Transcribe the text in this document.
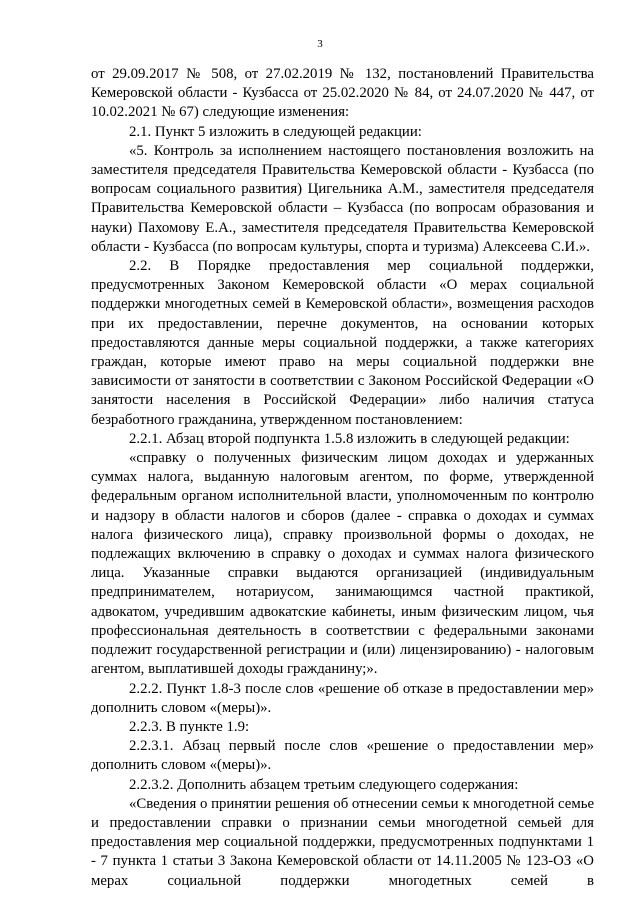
3

от 29.09.2017 № 508, от 27.02.2019 № 132, постановлений Правительства Кемеровской области - Кузбасса от 25.02.2020 № 84, от 24.07.2020 № 447, от 10.02.2021 № 67) следующие изменения:

2.1. Пункт 5 изложить в следующей редакции:

«5. Контроль за исполнением настоящего постановления возложить на заместителя председателя Правительства Кемеровской области - Кузбасса (по вопросам социального развития) Цигельника А.М., заместителя председателя Правительства Кемеровской области – Кузбасса (по вопросам образования и науки) Пахомову Е.А., заместителя председателя Правительства Кемеровской области - Кузбасса (по вопросам культуры, спорта и туризма) Алексеева С.И.».

2.2. В Порядке предоставления мер социальной поддержки, предусмотренных Законом Кемеровской области «О мерах социальной поддержки многодетных семей в Кемеровской области», возмещения расходов при их предоставлении, перечне документов, на основании которых предоставляются данные меры социальной поддержки, а также категориях граждан, которые имеют право на меры социальной поддержки вне зависимости от занятости в соответствии с Законом Российской Федерации «О занятости населения в Российской Федерации» либо наличия статуса безработного гражданина, утвержденном постановлением:

2.2.1. Абзац второй подпункта 1.5.8 изложить в следующей редакции:

«справку о полученных физическим лицом доходах и удержанных суммах налога, выданную налоговым агентом, по форме, утвержденной федеральным органом исполнительной власти, уполномоченным по контролю и надзору в области налогов и сборов (далее - справка о доходах и суммах налога физического лица), справку произвольной формы о доходах, не подлежащих включению в справку о доходах и суммах налога физического лица. Указанные справки выдаются организацией (индивидуальным предпринимателем, нотариусом, занимающимся частной практикой, адвокатом, учредившим адвокатские кабинеты, иным физическим лицом, чья профессиональная деятельность в соответствии с федеральными законами подлежит государственной регистрации и (или) лицензированию) - налоговым агентом, выплатившей доходы гражданину;».

2.2.2. Пункт 1.8-3 после слов «решение об отказе в предоставлении мер» дополнить словом «(меры)».

2.2.3. В пункте 1.9:

2.2.3.1. Абзац первый после слов «решение о предоставлении мер» дополнить словом «(меры)».

2.2.3.2. Дополнить абзацем третьим следующего содержания:

«Сведения о принятии решения об отнесении семьи к многодетной семье и предоставлении справки о признании семьи многодетной семьей для предоставления мер социальной поддержки, предусмотренных подпунктами 1 - 7 пункта 1 статьи 3 Закона Кемеровской области от 14.11.2005 № 123-ОЗ «О мерах социальной поддержки многодетных семей в
